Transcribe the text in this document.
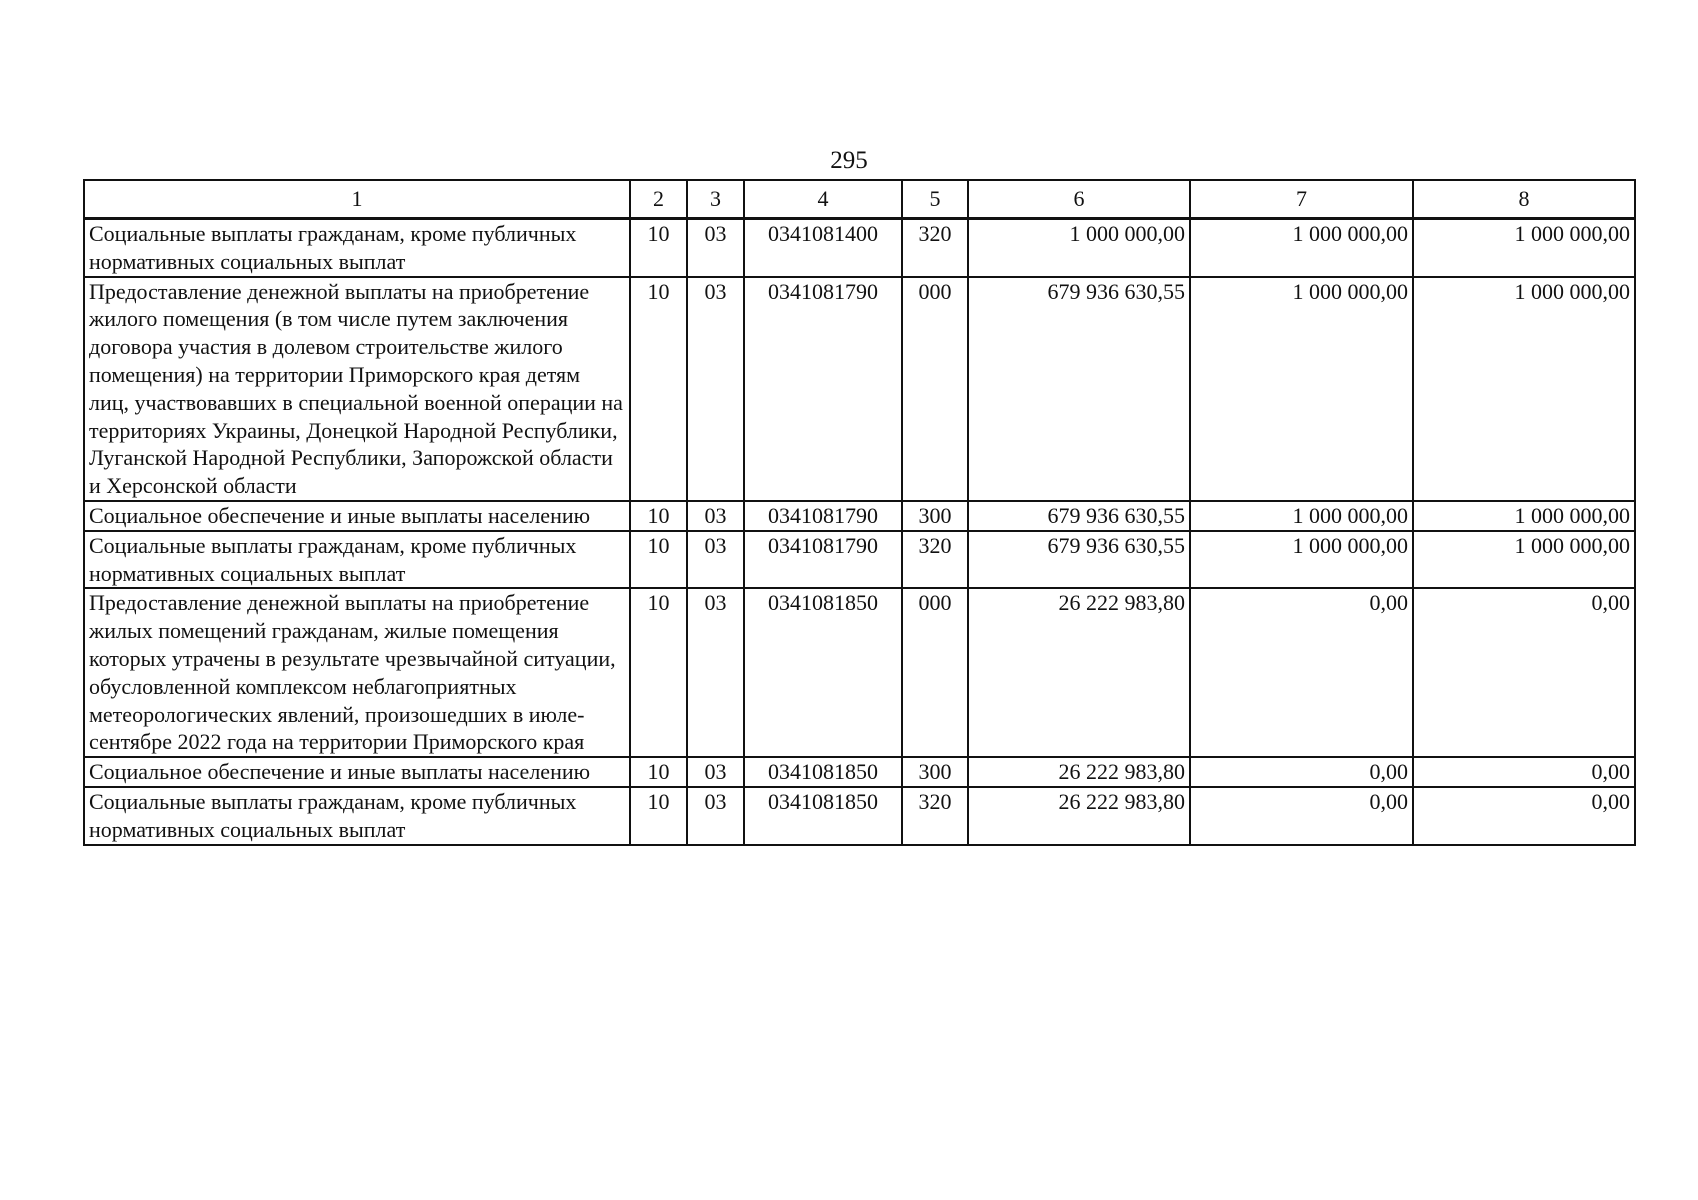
295
1	2	3	4	5	6	7	8
Социальные выплаты гражданам, кроме публичных нормативных социальных выплат	10	03	0341081400	320	1 000 000,00	1 000 000,00	1 000 000,00
Предоставление денежной выплаты на приобретение жилого помещения (в том числе путем заключения договора участия в долевом строительстве жилого помещения) на территории Приморского края детям лиц, участвовавших в специальной военной операции на территориях Украины, Донецкой Народной Республики, Луганской Народной Республики, Запорожской области и Херсонской области	10	03	0341081790	000	679 936 630,55	1 000 000,00	1 000 000,00
Социальное обеспечение и иные выплаты населению	10	03	0341081790	300	679 936 630,55	1 000 000,00	1 000 000,00
Социальные выплаты гражданам, кроме публичных нормативных социальных выплат	10	03	0341081790	320	679 936 630,55	1 000 000,00	1 000 000,00
Предоставление денежной выплаты на приобретение жилых помещений гражданам, жилые помещения которых утрачены в результате чрезвычайной ситуации, обусловленной комплексом неблагоприятных метеорологических явлений, произошедших в июле-сентябре 2022 года на территории Приморского края	10	03	0341081850	000	26 222 983,80	0,00	0,00
Социальное обеспечение и иные выплаты населению	10	03	0341081850	300	26 222 983,80	0,00	0,00
Социальные выплаты гражданам, кроме публичных нормативных социальных выплат	10	03	0341081850	320	26 222 983,80	0,00	0,00
